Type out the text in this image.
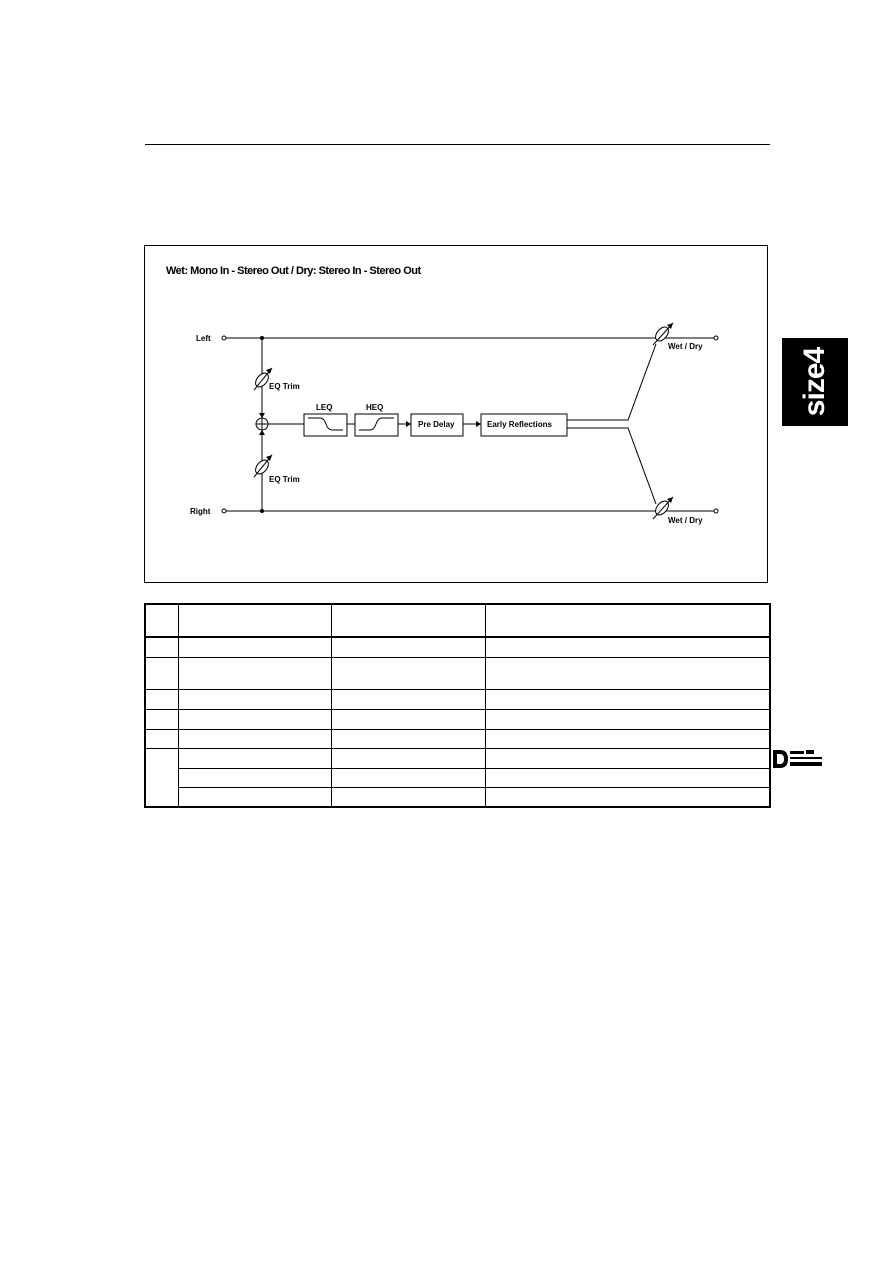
Wet: Mono In - Stereo Out / Dry: Stereo In - Stereo Out
EQ Trim
EQ Trim
LEQ	HEQ
Pre Delay	Early Reflections
Wet / Dry
Wet / Dry
Left
Right
size4
